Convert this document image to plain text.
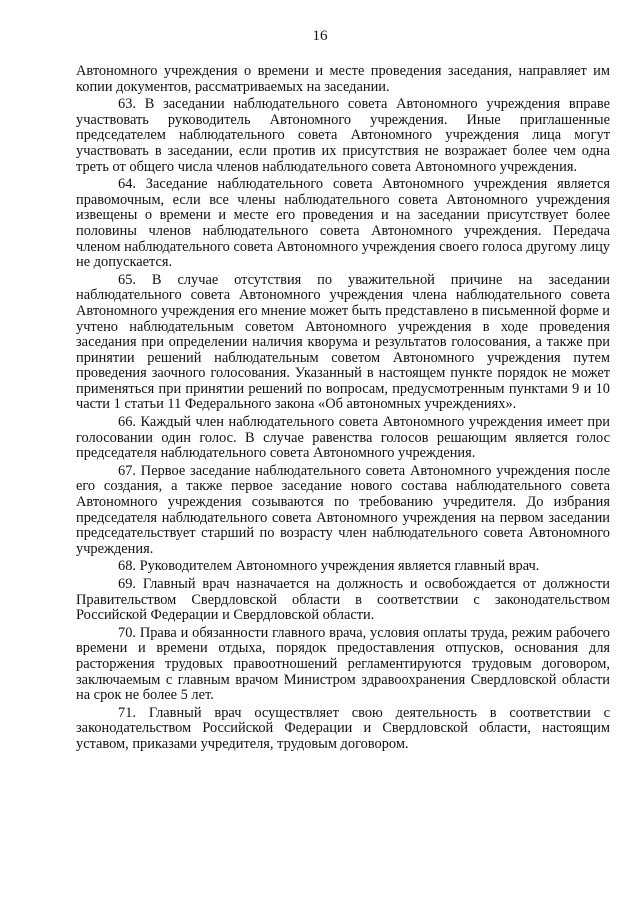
16

Автономного учреждения о времени и месте проведения заседания, направляет им копии документов, рассматриваемых на заседании.

63. В заседании наблюдательного совета Автономного учреждения вправе участвовать руководитель Автономного учреждения. Иные приглашенные председателем наблюдательного совета Автономного учреждения лица могут участвовать в заседании, если против их присутствия не возражает более чем одна треть от общего числа членов наблюдательного совета Автономного учреждения.

64. Заседание наблюдательного совета Автономного учреждения является правомочным, если все члены наблюдательного совета Автономного учреждения извещены о времени и месте его проведения и на заседании присутствует более половины членов наблюдательного совета Автономного учреждения. Передача членом наблюдательного совета Автономного учреждения своего голоса другому лицу не допускается.

65. В случае отсутствия по уважительной причине на заседании наблюдательного совета Автономного учреждения члена наблюдательного совета Автономного учреждения его мнение может быть представлено в письменной форме и учтено наблюдательным советом Автономного учреждения в ходе проведения заседания при определении наличия кворума и результатов голосования, а также при принятии решений наблюдательным советом Автономного учреждения путем проведения заочного голосования. Указанный в настоящем пункте порядок не может применяться при принятии решений по вопросам, предусмотренным пунктами 9 и 10 части 1 статьи 11 Федерального закона «Об автономных учреждениях».

66. Каждый член наблюдательного совета Автономного учреждения имеет при голосовании один голос. В случае равенства голосов решающим является голос председателя наблюдательного совета Автономного учреждения.

67. Первое заседание наблюдательного совета Автономного учреждения после его создания, а также первое заседание нового состава наблюдательного совета Автономного учреждения созываются по требованию учредителя. До избрания председателя наблюдательного совета Автономного учреждения на первом заседании председательствует старший по возрасту член наблюдательного совета Автономного учреждения.

68. Руководителем Автономного учреждения является главный врач.

69. Главный врач назначается на должность и освобождается от должности Правительством Свердловской области в соответствии с законодательством Российской Федерации и Свердловской области.

70. Права и обязанности главного врача, условия оплаты труда, режим рабочего времени и времени отдыха, порядок предоставления отпусков, основания для расторжения трудовых правоотношений регламентируются трудовым договором, заключаемым с главным врачом Министром здравоохранения Свердловской области на срок не более 5 лет.

71. Главный врач осуществляет свою деятельность в соответствии с законодательством Российской Федерации и Свердловской области, настоящим уставом, приказами учредителя, трудовым договором.
